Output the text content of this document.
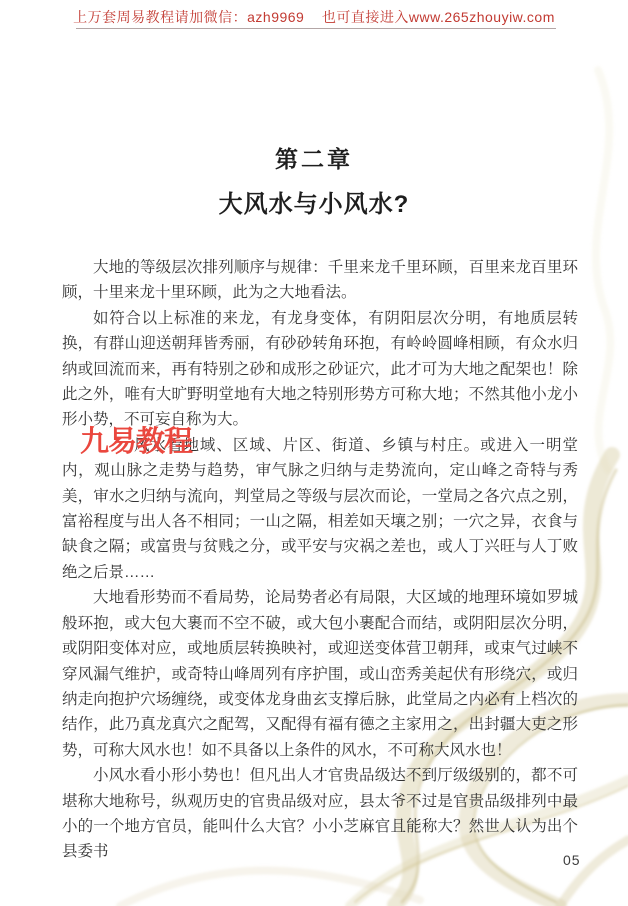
上万套周易教程请加微信：azh9969    也可直接进入www.265zhouyiw.com
第二章
大风水与小风水?

大地的等级层次排列顺序与规律：千里来龙千里环顾，百里来龙百里环顾，十里来龙十里环顾，此为之大地看法。

如符合以上标准的来龙，有龙身变体，有阴阳层次分明，有地质层转换，有群山迎送朝拜皆秀丽，有砂砂转角环抱，有岭岭圆峰相顾，有众水归纳或回流而来，再有特别之砂和成形之砂证穴，此才可为大地之配架也！除此之外，唯有大旷野明堂地有大地之特别形势方可称大地；不然其他小龙小形小势，不可妄自称为大。

九易教程
风水看地域、区域、片区、街道、乡镇与村庄。或进入一明堂内，观山脉之走势与趋势，审气脉之归纳与走势流向，定山峰之奇特与秀美，审水之归纳与流向，判堂局之等级与层次而论，一堂局之各穴点之别，富裕程度与出人各不相同；一山之隔，相差如天壤之别；一穴之异，衣食与缺食之隔；或富贵与贫贱之分，或平安与灾祸之差也，或人丁兴旺与人丁败绝之后景……

大地看形势而不看局势，论局势者必有局限，大区域的地理环境如罗城般环抱，或大包大裹而不空不破，或大包小裹配合而结，或阴阳层次分明，或阴阳变体对应，或地质层转换映衬，或迎送变体营卫朝拜，或束气过峡不穿风漏气维护，或奇特山峰周列有序护围，或山峦秀美起伏有形绕穴，或归纳走向抱护穴场缠绕，或变体龙身曲玄支撑后脉，此堂局之内必有上档次的结作，此乃真龙真穴之配驾，又配得有福有德之主家用之，出封疆大吏之形势，可称大风水也！如不具备以上条件的风水，不可称大风水也！

小风水看小形小势也！但凡出人才官贵品级达不到厅级级别的，都不可堪称大地称号，纵观历史的官贵品级对应，县太爷不过是官贵品级排列中最小的一个地方官员，能叫什么大官？小小芝麻官且能称大？然世人认为出个县委书	05
